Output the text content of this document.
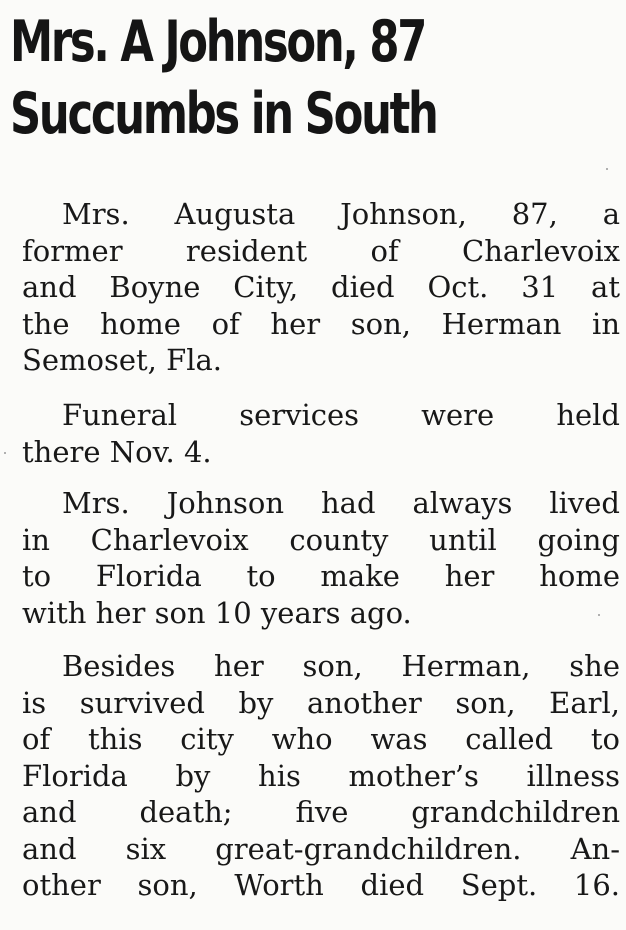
Mrs. A Johnson, 87
Succumbs in South

Mrs. Augusta Johnson, 87, a
former resident of Charlevoix
and Boyne City, died Oct. 31 at
the home of her son, Herman in
Semoset, Fla.

Funeral services were held
there Nov. 4.

Mrs. Johnson had always lived
in Charlevoix county until going
to Florida to make her home
with her son 10 years ago.

Besides her son, Herman, she
is survived by another son, Earl,
of this city who was called to
Florida by his mother’s illness
and death; five grandchildren
and six great-grandchildren. An-
other son, Worth died Sept. 16.
